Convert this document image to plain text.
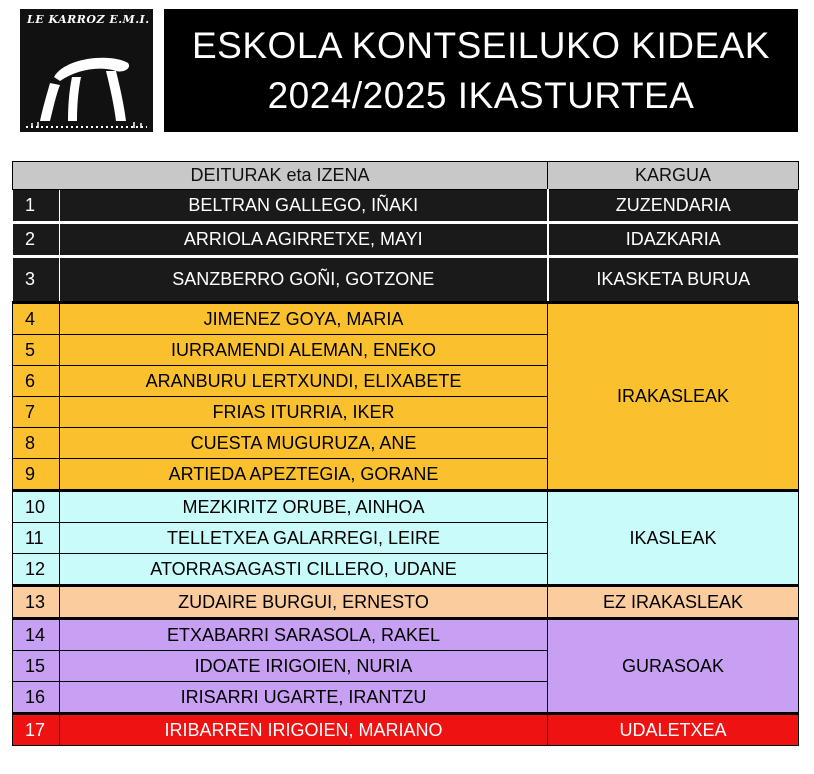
LE KARROZ E.M.I.
ESKOLA KONTSEILUKO KIDEAK
2024/2025 IKASTURTEA
DEITURAK eta IZENA		KARGUA
1	BELTRAN GALLEGO, IÑAKI	ZUZENDARIA
2	ARRIOLA AGIRRETXE, MAYI	IDAZKARIA
3	SANZBERRO GOÑI, GOTZONE	IKASKETA BURUA
4	JIMENEZ GOYA, MARIA	IRAKASLEAK
5	IURRAMENDI ALEMAN, ENEKO	
6	ARANBURU LERTXUNDI, ELIXABETE	
7	FRIAS ITURRIA, IKER	
8	CUESTA MUGURUZA, ANE	
9	ARTIEDA APEZTEGIA, GORANE	
10	MEZKIRITZ ORUBE, AINHOA	IKASLEAK
11	TELLETXEA GALARREGI, LEIRE	
12	ATORRASAGASTI CILLERO, UDANE	
13	ZUDAIRE BURGUI, ERNESTO	EZ IRAKASLEAK
14	ETXABARRI SARASOLA, RAKEL	GURASOAK
15	IDOATE IRIGOIEN, NURIA	
16	IRISARRI UGARTE, IRANTZU	
17	IRIBARREN IRIGOIEN, MARIANO	UDALETXEA
